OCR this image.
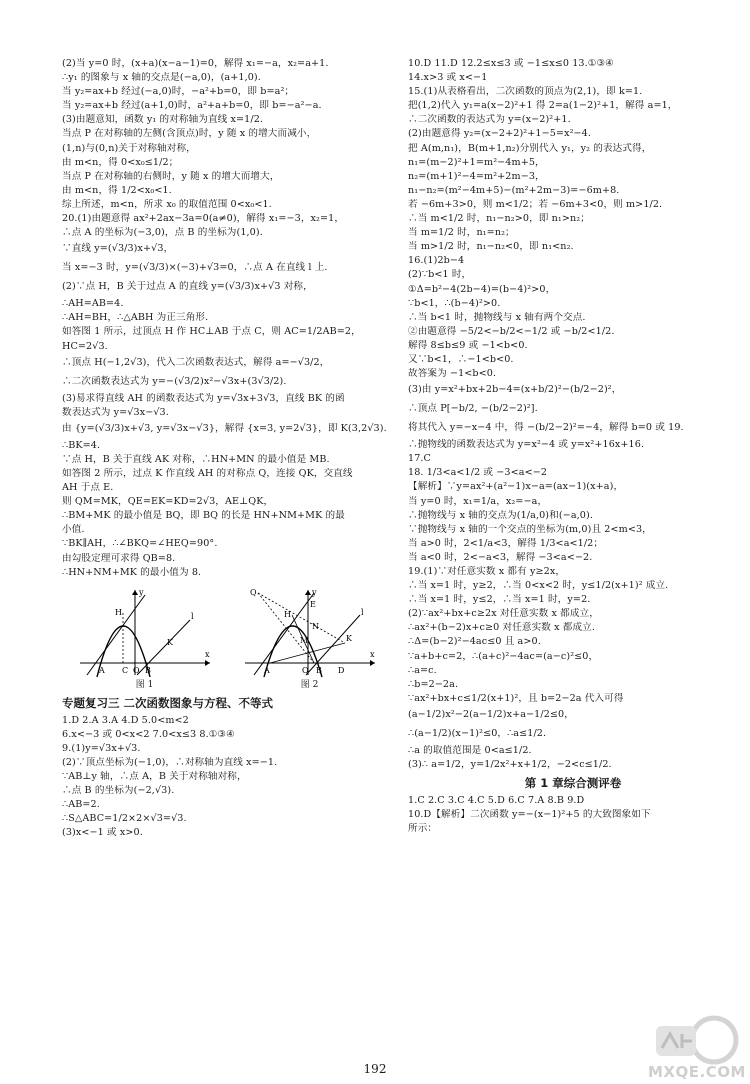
(2)当 y=0 时，(x+a)(x−a−1)=0，解得 x₁=−a，x₂=a+1.
∴y₁ 的图象与 x 轴的交点是(−a,0)，(a+1,0).
当 y₂=ax+b 经过(−a,0)时，−a²+b=0，即 b=a²；
当 y₂=ax+b 经过(a+1,0)时，a²+a+b=0，即 b=−a²−a.
(3)由题意知，函数 y₁ 的对称轴为直线 x=1/2.
当点 P 在对称轴的左侧(含顶点)时，y 随 x 的增大而减小，
(1,n)与(0,n)关于对称轴对称，
由 m<n，得 0<x₀≤1/2；
当点 P 在对称轴的右侧时，y 随 x 的增大而增大，
由 m<n，得 1/2<x₀<1.
综上所述，m<n，所求 x₀ 的取值范围 0<x₀<1.
20.(1)由题意得 ax²+2ax−3a=0(a≠0)，解得 x₁=−3，x₂=1，
∴点 A 的坐标为(−3,0)，点 B 的坐标为(1,0).
∵直线 y=(√3/3)x+√3，
当 x=−3 时，y=(√3/3)×(−3)+√3=0，∴点 A 在直线 l 上.
(2)∵点 H，B 关于过点 A 的直线 y=(√3/3)x+√3 对称，
∴AH=AB=4.
∴AH=BH，∴△ABH 为正三角形.
如答图 1 所示，过顶点 H 作 HC⊥AB 于点 C，则 AC=1/2AB=2，
HC=2√3.
∴顶点 H(−1,2√3)，代入二次函数表达式，解得 a=−√3/2，
∴二次函数表达式为 y=−(√3/2)x²−√3x+(3√3/2).
(3)易求得直线 AH 的函数表达式为 y=√3x+3√3，直线 BK 的函
数表达式为 y=√3x−√3.
由 {y=(√3/3)x+√3, y=√3x−√3}，解得 {x=3, y=2√3}，即 K(3,2√3).
∴BK=4.
∵点 H，B 关于直线 AK 对称，∴HN+MN 的最小值是 MB.
如答图 2 所示，过点 K 作直线 AH 的对称点 Q，连接 QK，交直线
AH 于点 E.
则 QM=MK，QE=EK=KD=2√3，AE⊥QK，
∴BM+MK 的最小值是 BQ，即 BQ 的长是 HN+NM+MK 的最
小值.
∵BK∥AH，∴∠BKQ=∠HEQ=90°.
由勾股定理可求得 QB=8.
∴HN+NM+MK 的最小值为 8.
H
A C O B
y
x
l
K
图 1
Q
H
E
N
M	K
A	O B D
y
x
l
图 2
专题复习三 二次函数图象与方程、不等式
1.D 2.A 3.A 4.D 5.0<m<2
6.x<−3 或 0<x<2 7.0<x≤3 8.①③④
9.(1)y=√3x+√3.
(2)∵顶点坐标为(−1,0)，∴对称轴为直线 x=−1.
∵AB⊥y 轴，∴点 A，B 关于对称轴对称，
∴点 B 的坐标为(−2,√3).
∴AB=2.
∴S△ABC=1/2×2×√3=√3.
(3)x<−1 或 x>0.
10.D 11.D 12.2≤x≤3 或 −1≤x≤0 13.①③④
14.x>3 或 x<−1
15.(1)从表格看出，二次函数的顶点为(2,1)，即 k=1.
把(1,2)代入 y₁=a(x−2)²+1 得 2=a(1−2)²+1，解得 a=1，
∴二次函数的表达式为 y=(x−2)²+1.
(2)由题意得 y₂=(x−2+2)²+1−5=x²−4.
把 A(m,n₁)，B(m+1,n₂)分别代入 y₁，y₂ 的表达式得，
n₁=(m−2)²+1=m²−4m+5，
n₂=(m+1)²−4=m²+2m−3，
n₁−n₂=(m²−4m+5)−(m²+2m−3)=−6m+8.
若 −6m+3>0，则 m<1/2；若 −6m+3<0，则 m>1/2.
∴当 m<1/2 时，n₁−n₂>0，即 n₁>n₂；
当 m=1/2 时，n₁=n₂；
当 m>1/2 时，n₁−n₂<0，即 n₁<n₂.
16.(1)2b−4
(2)∵b<1 时，
①Δ=b²−4(2b−4)=(b−4)²>0，
∵b<1，∴(b−4)²>0.
∴当 b<1 时，抛物线与 x 轴有两个交点.
②由题意得 −5/2<−b/2<−1/2 或 −b/2<1/2.
解得 8≤b≤9 或 −1<b<0.
又∵b<1，∴−1<b<0.
故答案为 −1<b<0.
(3)由 y=x²+bx+2b−4=(x+b/2)²−(b/2−2)²，
∴顶点 P[−b/2, −(b/2−2)²].
将其代入 y=−x−4 中，得 −(b/2−2)²=−4，解得 b=0 或 19.
∴抛物线的函数表达式为 y=x²−4 或 y=x²+16x+16.
17.C
18. 1/3<a<1/2 或 −3<a<−2
【解析】∵y=ax²+(a²−1)x−a=(ax−1)(x+a)，
当 y=0 时，x₁=1/a，x₂=−a，
∴抛物线与 x 轴的交点为(1/a,0)和(−a,0).
∵抛物线与 x 轴的一个交点的坐标为(m,0)且 2<m<3，
当 a>0 时，2<1/a<3，解得 1/3<a<1/2；
当 a<0 时，2<−a<3，解得 −3<a<−2.
19.(1)∵对任意实数 x 都有 y≥2x，
∴当 x=1 时，y≥2，∴当 0<x<2 时，y≤1/2(x+1)² 成立.
∴当 x=1 时，y≤2，∴当 x=1 时，y=2.
(2)∵ax²+bx+c≥2x 对任意实数 x 都成立，
∴ax²+(b−2)x+c≥0 对任意实数 x 都成立.
∴Δ=(b−2)²−4ac≤0 且 a>0.
∵a+b+c=2，∴(a+c)²−4ac=(a−c)²≤0，
∴a=c.
∴b=2−2a.
∵ax²+bx+c≤1/2(x+1)²，且 b=2−2a 代入可得
(a−1/2)x²−2(a−1/2)x+a−1/2≤0，
∴(a−1/2)(x−1)²≤0，∴a≤1/2.
∴a 的取值范围是 0<a≤1/2.
(3)∴ a=1/2，y=1/2x²+x+1/2，−2<c≤1/2.
第 1 章综合测评卷
1.C 2.C 3.C 4.C 5.D 6.C 7.A 8.B 9.D
10.D【解析】二次函数 y=−(x−1)²+5 的大致图象如下
所示：
192	MXQE.COM
